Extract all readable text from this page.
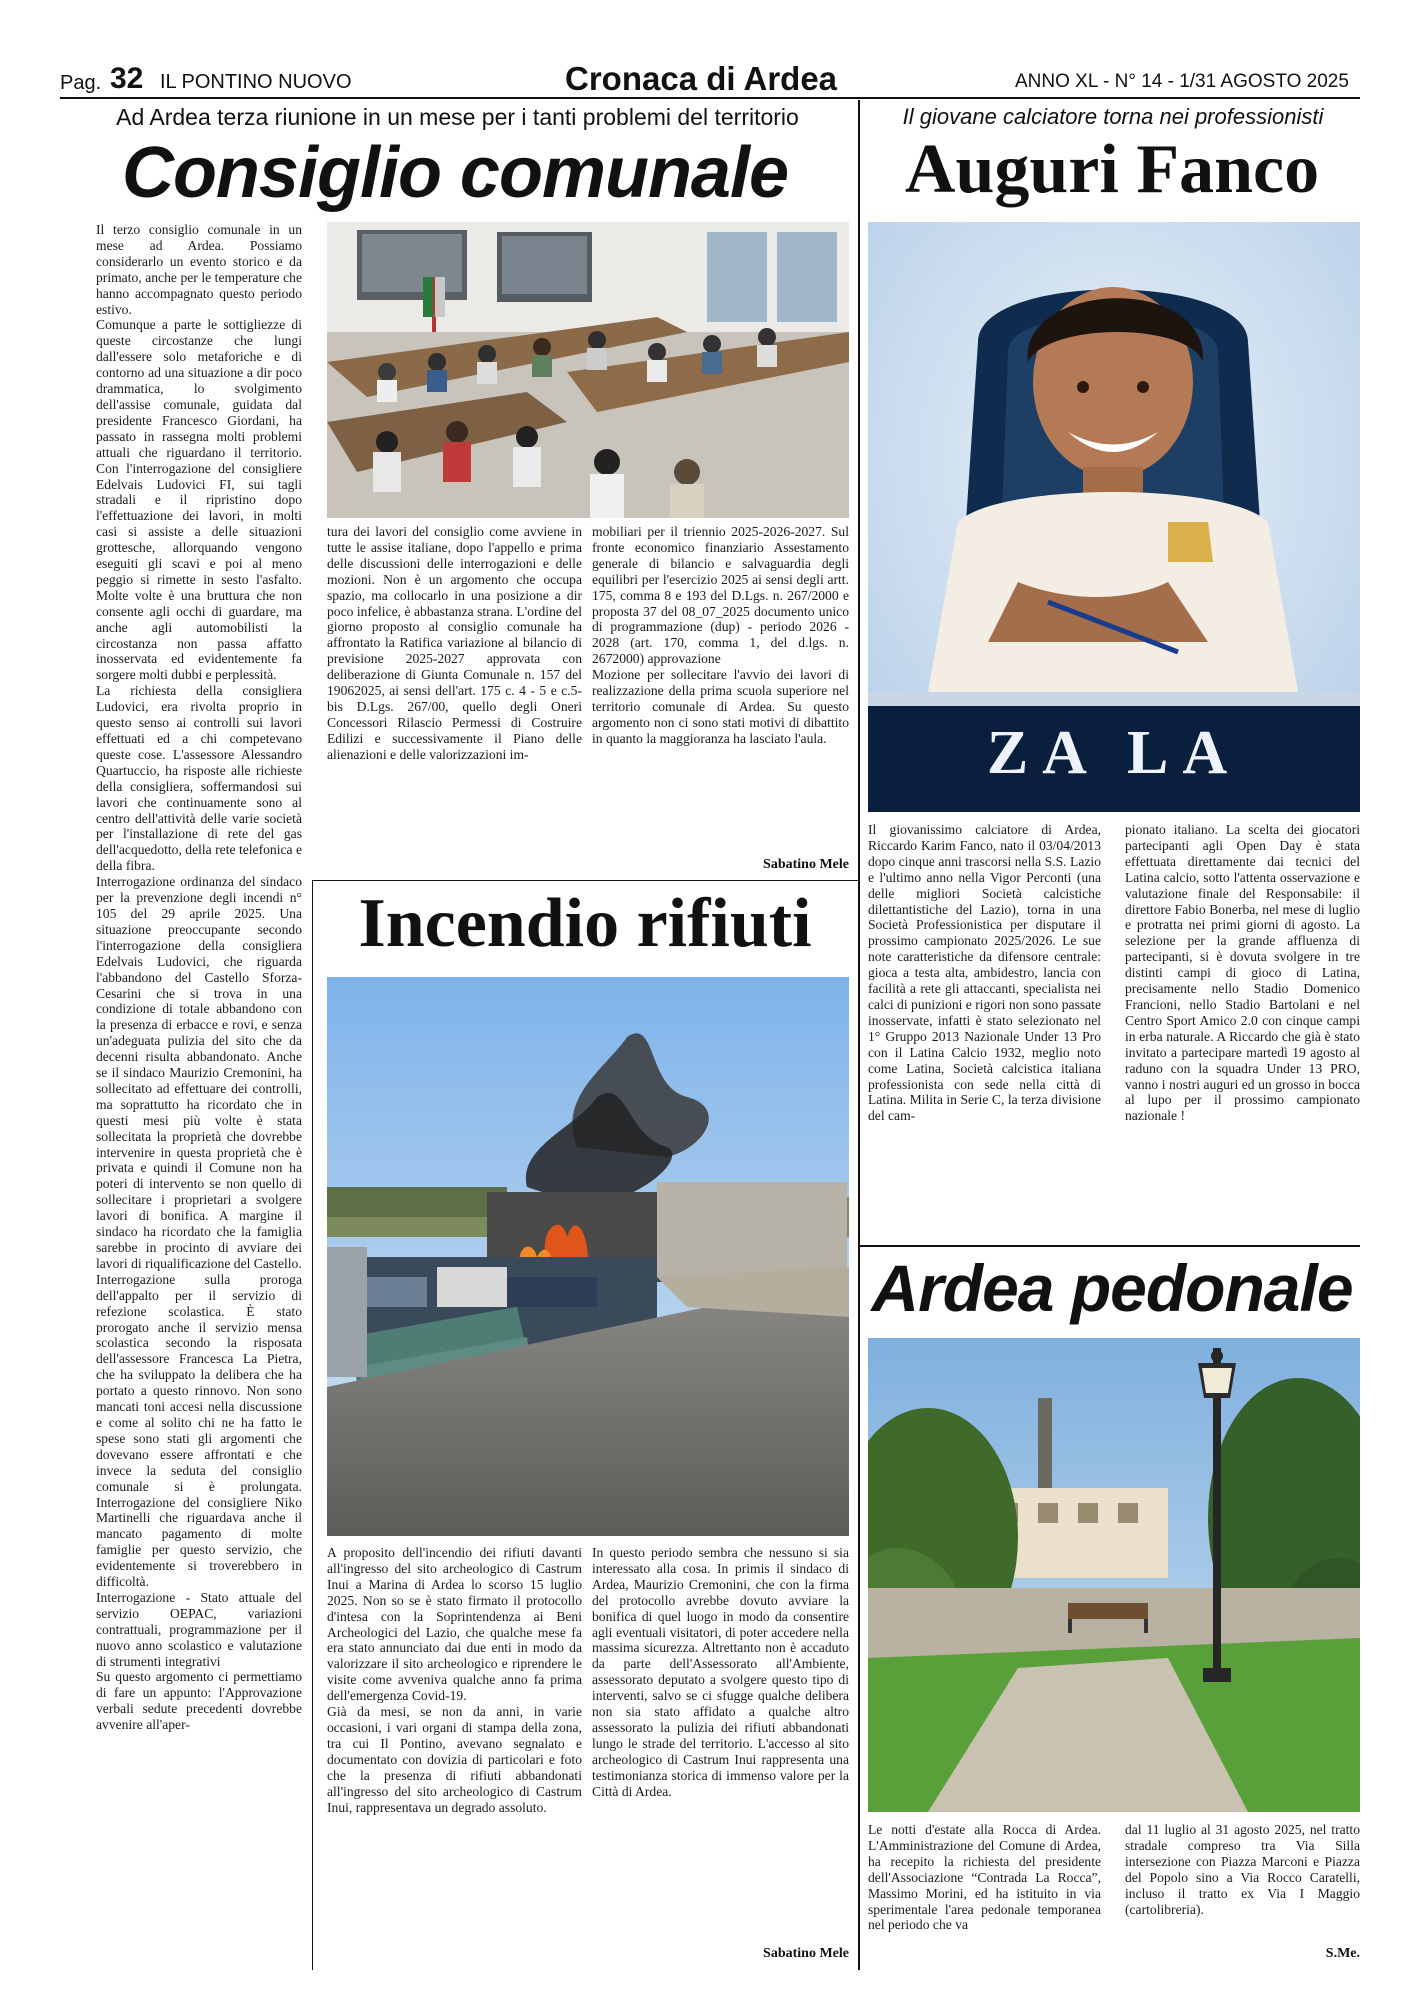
Pag. 32 IL PONTINO NUOVO	Cronaca di Ardea	ANNO XL - N° 14 - 1/31 AGOSTO 2025
Ad Ardea terza riunione in un mese per i tanti problemi del territorio
Consiglio comunale

Il terzo consiglio comunale in un mese ad Ardea. Possiamo considerarlo un evento storico e da primato, anche per le temperature che hanno accompagnato questo periodo estivo.

Comunque a parte le sottigliezze di queste circostanze che lungi dall'essere solo metaforiche e di contorno ad una situazione a dir poco drammatica, lo svolgimento dell'assise comunale, guidata dal presidente Francesco Giordani, ha passato in rassegna molti problemi attuali che riguardano il territorio. Con l'interrogazione del consigliere Edelvais Ludovici FI, sui tagli stradali e il ripristino dopo l'effettuazione dei lavori, in molti casi si assiste a delle situazioni grottesche, allorquando vengono eseguiti gli scavi e poi al meno peggio si rimette in sesto l'asfalto. Molte volte è una bruttura che non consente agli occhi di guardare, ma anche agli automobilisti la circostanza non passa affatto inosservata ed evidentemente fa sorgere molti dubbi e perplessità.

La richiesta della consigliera Ludovici, era rivolta proprio in questo senso ai controlli sui lavori effettuati ed a chi competevano queste cose. L'assessore Alessandro Quartuccio, ha risposte alle richieste della consigliera, soffermandosi sui lavori che continuamente sono al centro dell'attività delle varie società per l'installazione di rete del gas dell'acquedotto, della rete telefonica e della fibra.

Interrogazione ordinanza del sindaco per la prevenzione degli incendi n° 105 del 29 aprile 2025. Una situazione preoccupante secondo l'interrogazione della consigliera Edelvais Ludovici, che riguarda l'abbandono del Castello Sforza-Cesarini che si trova in una condizione di totale abbandono con la presenza di erbacce e rovi, e senza un'adeguata pulizia del sito che da decenni risulta abbandonato. Anche se il sindaco Maurizio Cremonini, ha sollecitato ad effettuare dei controlli, ma soprattutto ha ricordato che in questi mesi più volte è stata sollecitata la proprietà che dovrebbe intervenire in questa proprietà che è privata e quindi il Comune non ha poteri di intervento se non quello di sollecitare i proprietari a svolgere lavori di bonifica. A margine il sindaco ha ricordato che la famiglia sarebbe in procinto di avviare dei lavori di riqualificazione del Castello.

Interrogazione sulla proroga dell'appalto per il servizio di refezione scolastica. È stato prorogato anche il servizio mensa scolastica secondo la risposata dell'assessore Francesca La Pietra, che ha sviluppato la delibera che ha portato a questo rinnovo. Non sono mancati toni accesi nella discussione e come al solito chi ne ha fatto le spese sono stati gli argomenti che dovevano essere affrontati e che invece la seduta del consiglio comunale si è prolungata. Interrogazione del consigliere Niko Martinelli che riguardava anche il mancato pagamento di molte famiglie per questo servizio, che evidentemente si troverebbero in difficoltà.

Interrogazione - Stato attuale del servizio OEPAC, variazioni contrattuali, programmazione per il nuovo anno scolastico e valutazione di strumenti integrativi

Su questo argomento ci permettiamo di fare un appunto: l'Approvazione verbali sedute precedenti dovrebbe avvenire all'aper-

tura dei lavori del consiglio come avviene in tutte le assise italiane, dopo l'appello e prima delle discussioni delle interrogazioni e delle mozioni. Non è un argomento che occupa spazio, ma collocarlo in una posizione a dir poco infelice, è abbastanza strana. L'ordine del giorno proposto al consiglio comunale ha affrontato la Ratifica variazione al bilancio di previsione 2025-2027 approvata con deliberazione di Giunta Comunale n. 157 del 19062025, ai sensi dell'art. 175 c. 4 - 5 e c.5-bis D.Lgs. 267/00, quello degli Oneri Concessori Rilascio Permessi di Costruire Edilizi e successivamente il Piano delle alienazioni e delle valorizzazioni im-

mobiliari per il triennio 2025-2026-2027. Sul fronte economico finanziario Assestamento generale di bilancio e salvaguardia degli equilibri per l'esercizio 2025 ai sensi degli artt. 175, comma 8 e 193 del D.Lgs. n. 267/2000 e proposta 37 del 08_07_2025 documento unico di programmazione (dup) - periodo 2026 - 2028 (art. 170, comma 1, del d.lgs. n. 2672000) approvazione

Mozione per sollecitare l'avvio dei lavori di realizzazione della prima scuola superiore nel territorio comunale di Ardea. Su questo argomento non ci sono stati motivi di dibattito in quanto la maggioranza ha lasciato l'aula.

Sabatino Mele
Incendio rifiuti

A proposito dell'incendio dei rifiuti davanti all'ingresso del sito archeologico di Castrum Inui a Marina di Ardea lo scorso 15 luglio 2025. Non so se è stato firmato il protocollo d'intesa con la Soprintendenza ai Beni Archeologici del Lazio, che qualche mese fa era stato annunciato dai due enti in modo da valorizzare il sito archeologico e riprendere le visite come avveniva qualche anno fa prima dell'emergenza Covid-19.

Già da mesi, se non da anni, in varie occasioni, i vari organi di stampa della zona, tra cui Il Pontino, avevano segnalato e documentato con dovizia di particolari e foto che la presenza di rifiuti abbandonati all'ingresso del sito archeologico di Castrum Inui, rappresentava un degrado assoluto.

In questo periodo sembra che nessuno si sia interessato alla cosa. In primis il sindaco di Ardea, Maurizio Cremonini, che con la firma del protocollo avrebbe dovuto avviare la bonifica di quel luogo in modo da consentire agli eventuali visitatori, di poter accedere nella massima sicurezza. Altrettanto non è accaduto da parte dell'Assessorato all'Ambiente, assessorato deputato a svolgere questo tipo di interventi, salvo se ci sfugge qualche delibera non sia stato affidato a qualche altro assessorato la pulizia dei rifiuti abbandonati lungo le strade del territorio. L'accesso al sito archeologico di Castrum Inui rappresenta una testimonianza storica di immenso valore per la Città di Ardea.
Sabatino Mele
Il giovane calciatore torna nei professionisti
Auguri Fanco
ZA LA
Il giovanissimo calciatore di Ardea, Riccardo Karim Fanco, nato il 03/04/2013 dopo cinque anni trascorsi nella S.S. Lazio e l'ultimo anno nella Vigor Perconti (una delle migliori Società calcistiche dilettantistiche del Lazio), torna in una Società Professionistica per disputare il prossimo campionato 2025/2026. Le sue note caratteristiche da difensore centrale: gioca a testa alta, ambidestro, lancia con facilità a rete gli attaccanti, specialista nei calci di punizioni e rigori non sono passate inosservate, infatti è stato selezionato nel 1° Gruppo 2013 Nazionale Under 13 Pro con il Latina Calcio 1932, meglio noto come Latina, Società calcistica italiana professionista con sede nella città di Latina. Milita in Serie C, la terza divisione del cam-
pionato italiano. La scelta dei giocatori partecipanti agli Open Day è stata effettuata direttamente dai tecnici del Latina calcio, sotto l'attenta osservazione e valutazione finale del Responsabile: il direttore Fabio Bonerba, nel mese di luglio e protratta nei primi giorni di agosto. La selezione per la grande affluenza di partecipanti, si è dovuta svolgere in tre distinti campi di gioco di Latina, precisamente nello Stadio Domenico Francioni, nello Stadio Bartolani e nel Centro Sport Amico 2.0 con cinque campi in erba naturale. A Riccardo che già è stato invitato a partecipare martedì 19 agosto al raduno con la squadra Under 13 PRO, vanno i nostri auguri ed un grosso in bocca al lupo per il prossimo campionato nazionale !
Ardea pedonale
Le notti d'estate alla Rocca di Ardea. L'Amministrazione del Comune di Ardea, ha recepito la richiesta del presidente dell'Associazione “Contrada La Rocca”, Massimo Morini, ed ha istituito in via sperimentale l'area pedonale temporanea nel periodo che va
dal 11 luglio al 31 agosto 2025, nel tratto stradale compreso tra Via Silla intersezione con Piazza Marconi e Piazza del Popolo sino a Via Rocco Caratelli, incluso il tratto ex Via I Maggio (cartolibreria).
S.Me.
